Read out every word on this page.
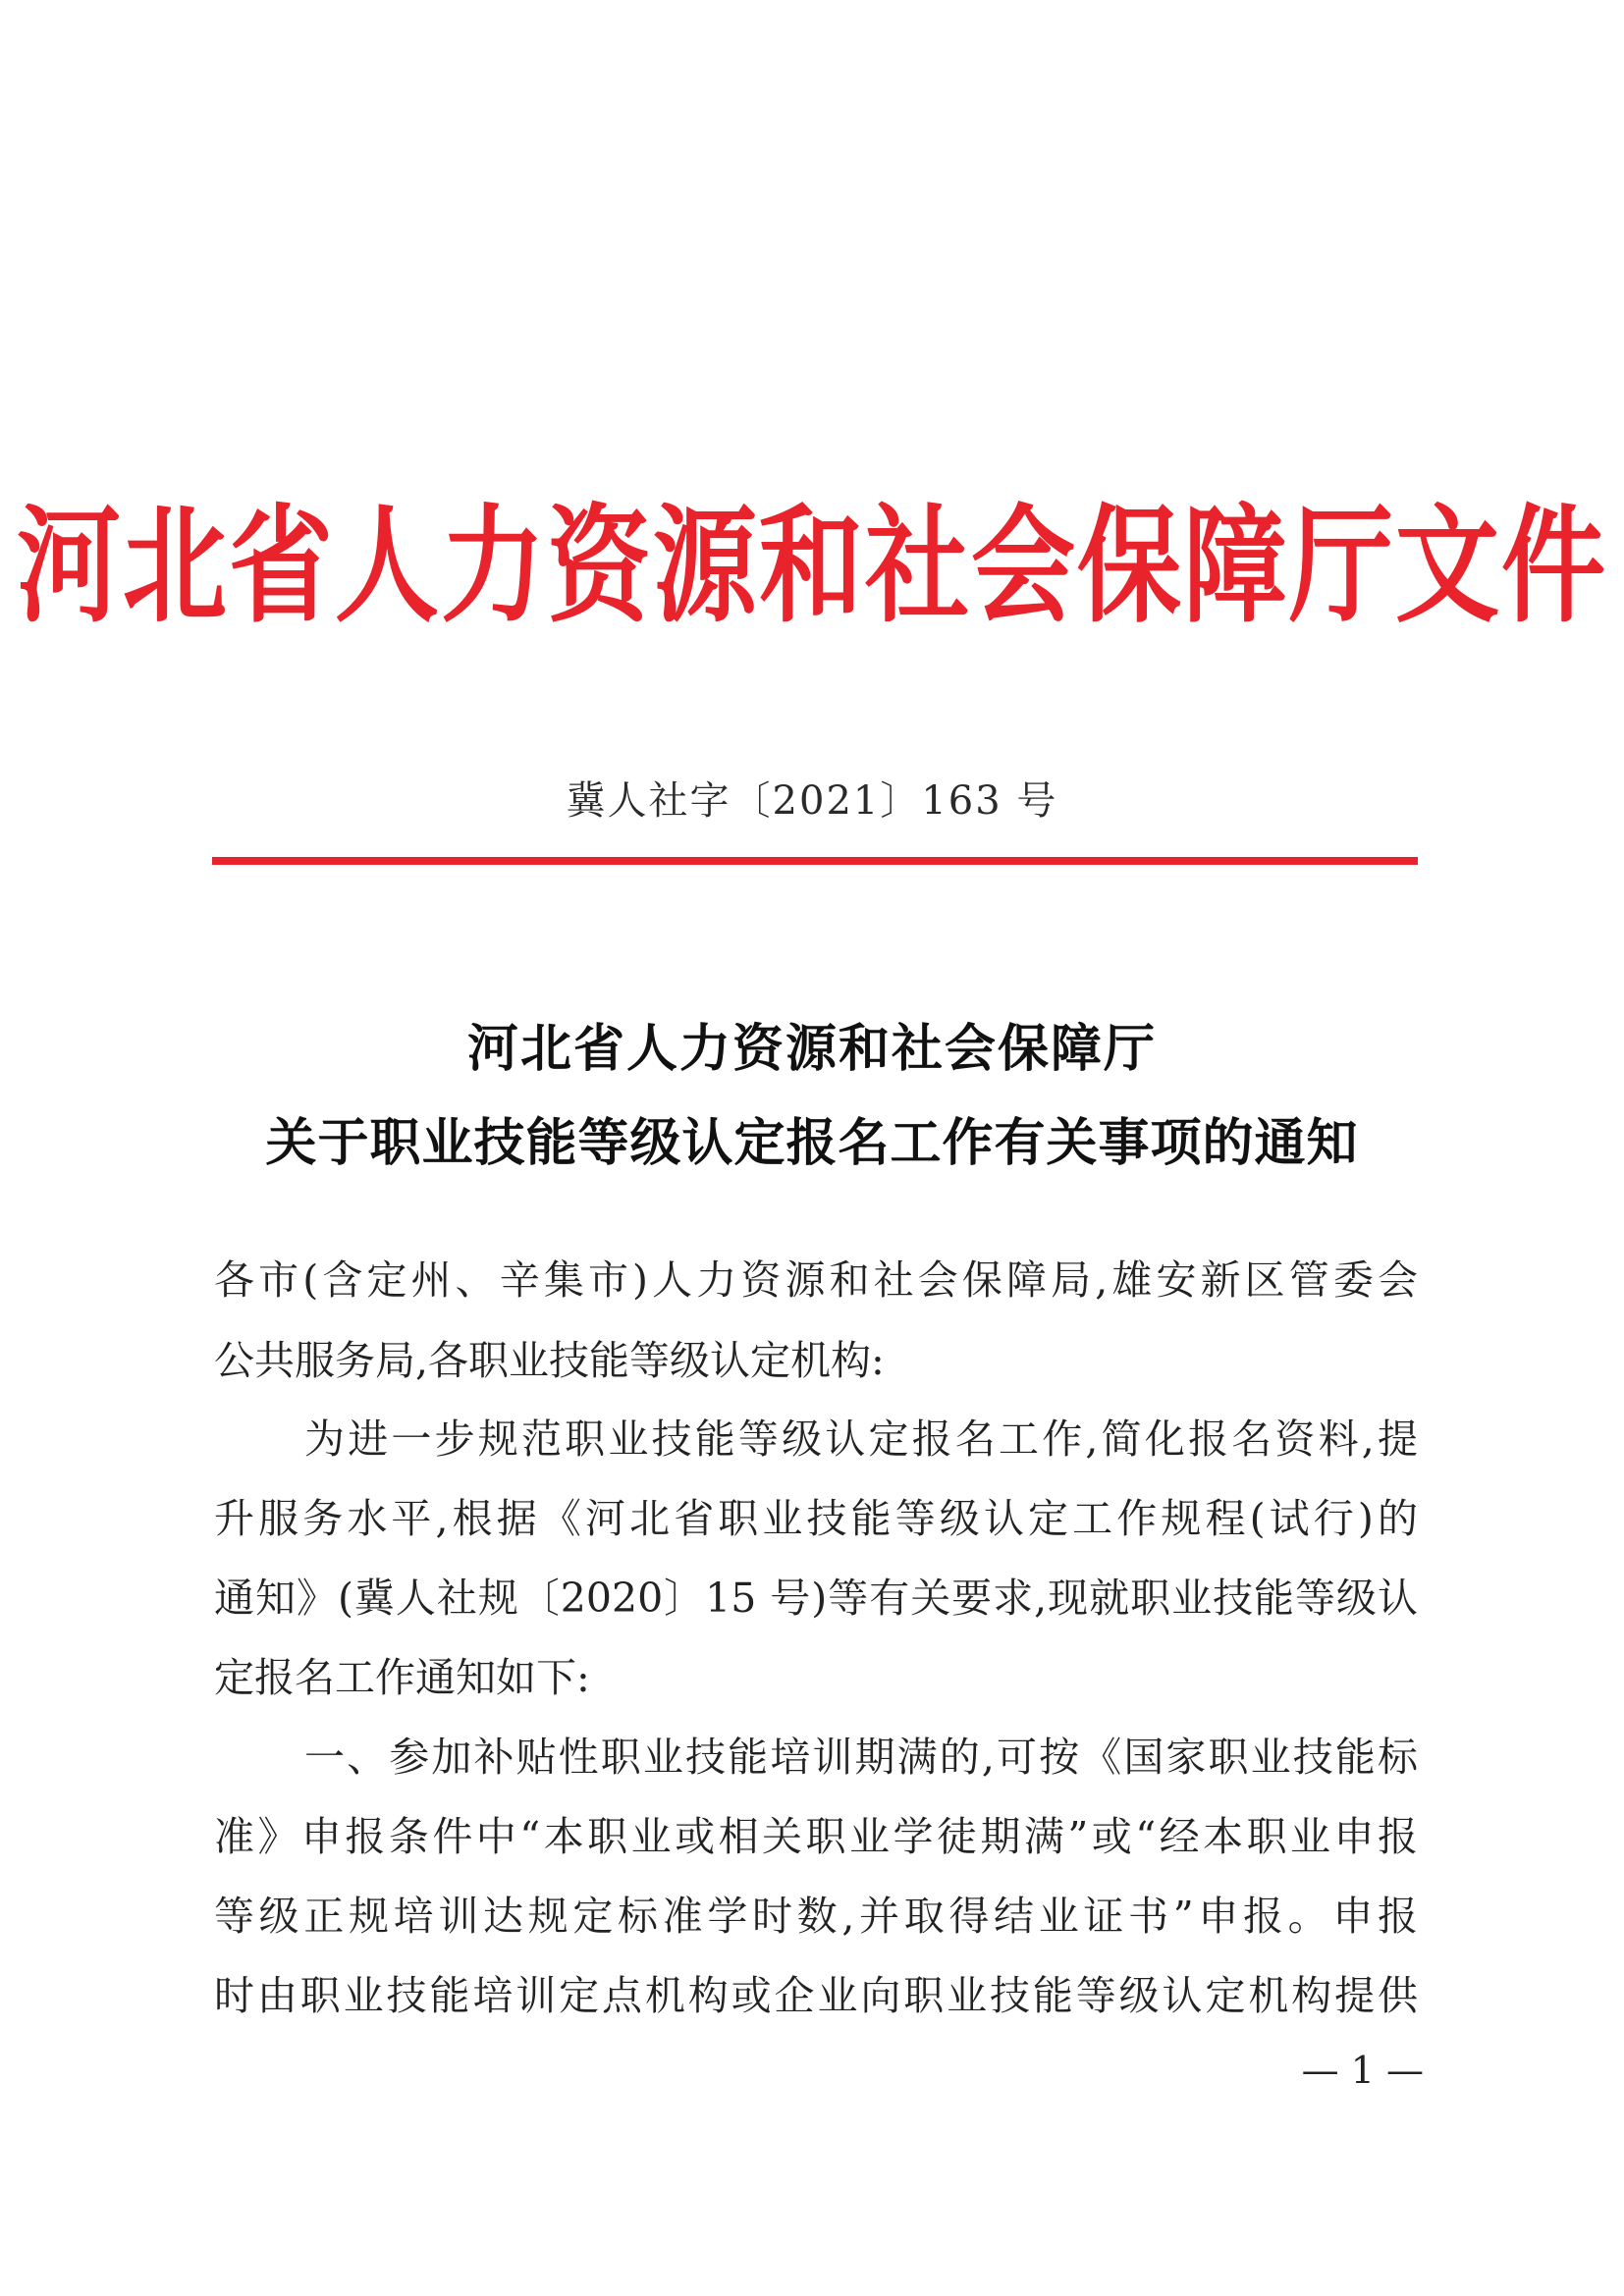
河北省人力资源和社会保障厅文件
冀人社字〔2021〕163 号
河北省人力资源和社会保障厅
关于职业技能等级认定报名工作有关事项的通知
各市(含定州、辛集市)人力资源和社会保障局,雄安新区管委会
公共服务局,各职业技能等级认定机构:
为进一步规范职业技能等级认定报名工作,简化报名资料,提
升服务水平,根据《河北省职业技能等级认定工作规程(试行)的
通知》(冀人社规〔2020〕15 号)等有关要求,现就职业技能等级认
定报名工作通知如下:
一、参加补贴性职业技能培训期满的,可按《国家职业技能标
准》申报条件中“本职业或相关职业学徒期满”或“经本职业申报
等级正规培训达规定标准学时数,并取得结业证书”申报。申报
时由职业技能培训定点机构或企业向职业技能等级认定机构提供
— 1 —
